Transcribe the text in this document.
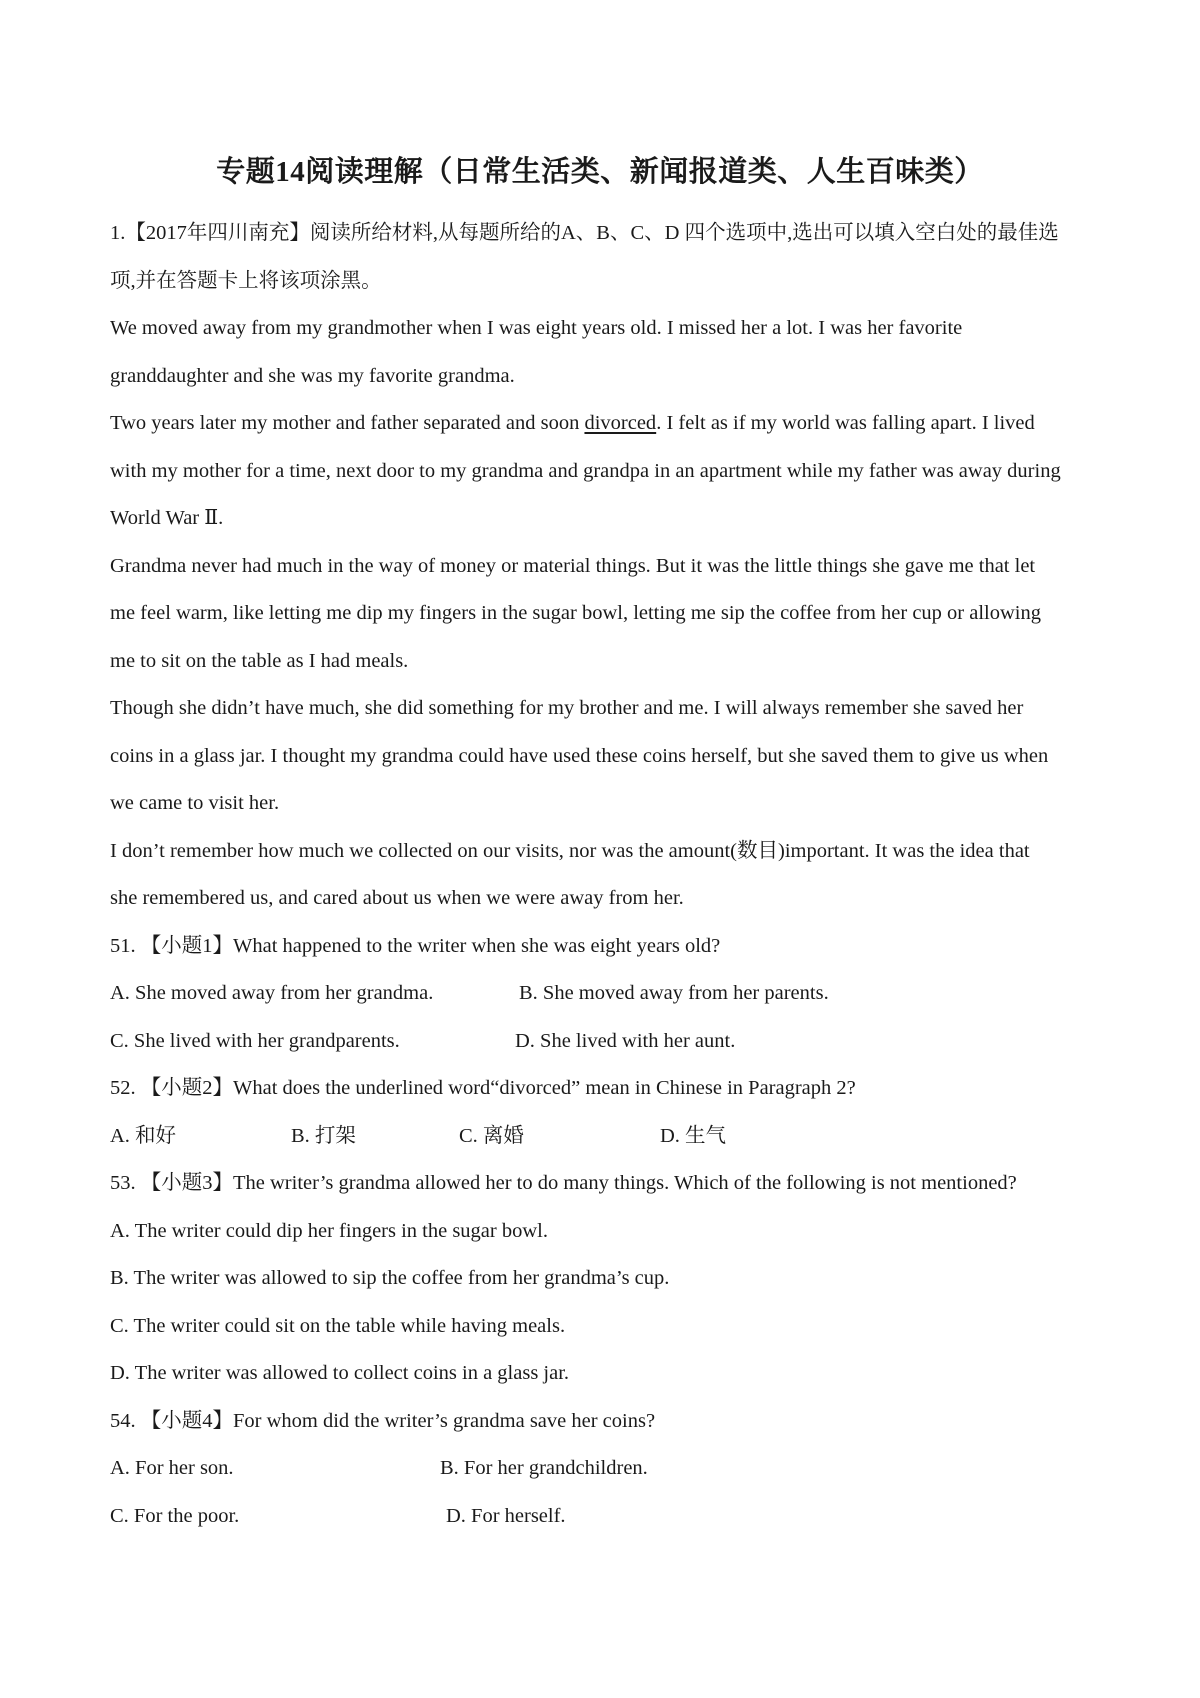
专题14阅读理解（日常生活类、新闻报道类、人生百味类）
1.【2017年四川南充】阅读所给材料,从每题所给的A、B、C、D 四个选项中,选出可以填入空白处的最佳选
项,并在答题卡上将该项涂黑。
We moved away from my grandmother when I was eight years old. I missed her a lot. I was her favorite
granddaughter and she was my favorite grandma.
Two years later my mother and father separated and soon divorced. I felt as if my world was falling apart. I lived
with my mother for a time, next door to my grandma and grandpa in an apartment while my father was away during
World War Ⅱ.
Grandma never had much in the way of money or material things. But it was the little things she gave me that let
me feel warm, like letting me dip my fingers in the sugar bowl, letting me sip the coffee from her cup or allowing
me to sit on the table as I had meals.
Though she didn’t have much, she did something for my brother and me. I will always remember she saved her
coins in a glass jar. I thought my grandma could have used these coins herself, but she saved them to give us when
we came to visit her.
I don’t remember how much we collected on our visits, nor was the amount(数目)important. It was the idea that
she remembered us, and cared about us when we were away from her.
51. 【小题1】What happened to the writer when she was eight years old?
A. She moved away from her grandma.	B. She moved away from her parents.
C. She lived with her grandparents.	D. She lived with her aunt.
52. 【小题2】What does the underlined word“divorced” mean in Chinese in Paragraph 2?
A. 和好	B. 打架	C. 离婚	D. 生气
53. 【小题3】The writer’s grandma allowed her to do many things. Which of the following is not mentioned?
A. The writer could dip her fingers in the sugar bowl.
B. The writer was allowed to sip the coffee from her grandma’s cup.
C. The writer could sit on the table while having meals.
D. The writer was allowed to collect coins in a glass jar.
54. 【小题4】For whom did the writer’s grandma save her coins?
A. For her son.	B. For her grandchildren.
C. For the poor.	D. For herself.
